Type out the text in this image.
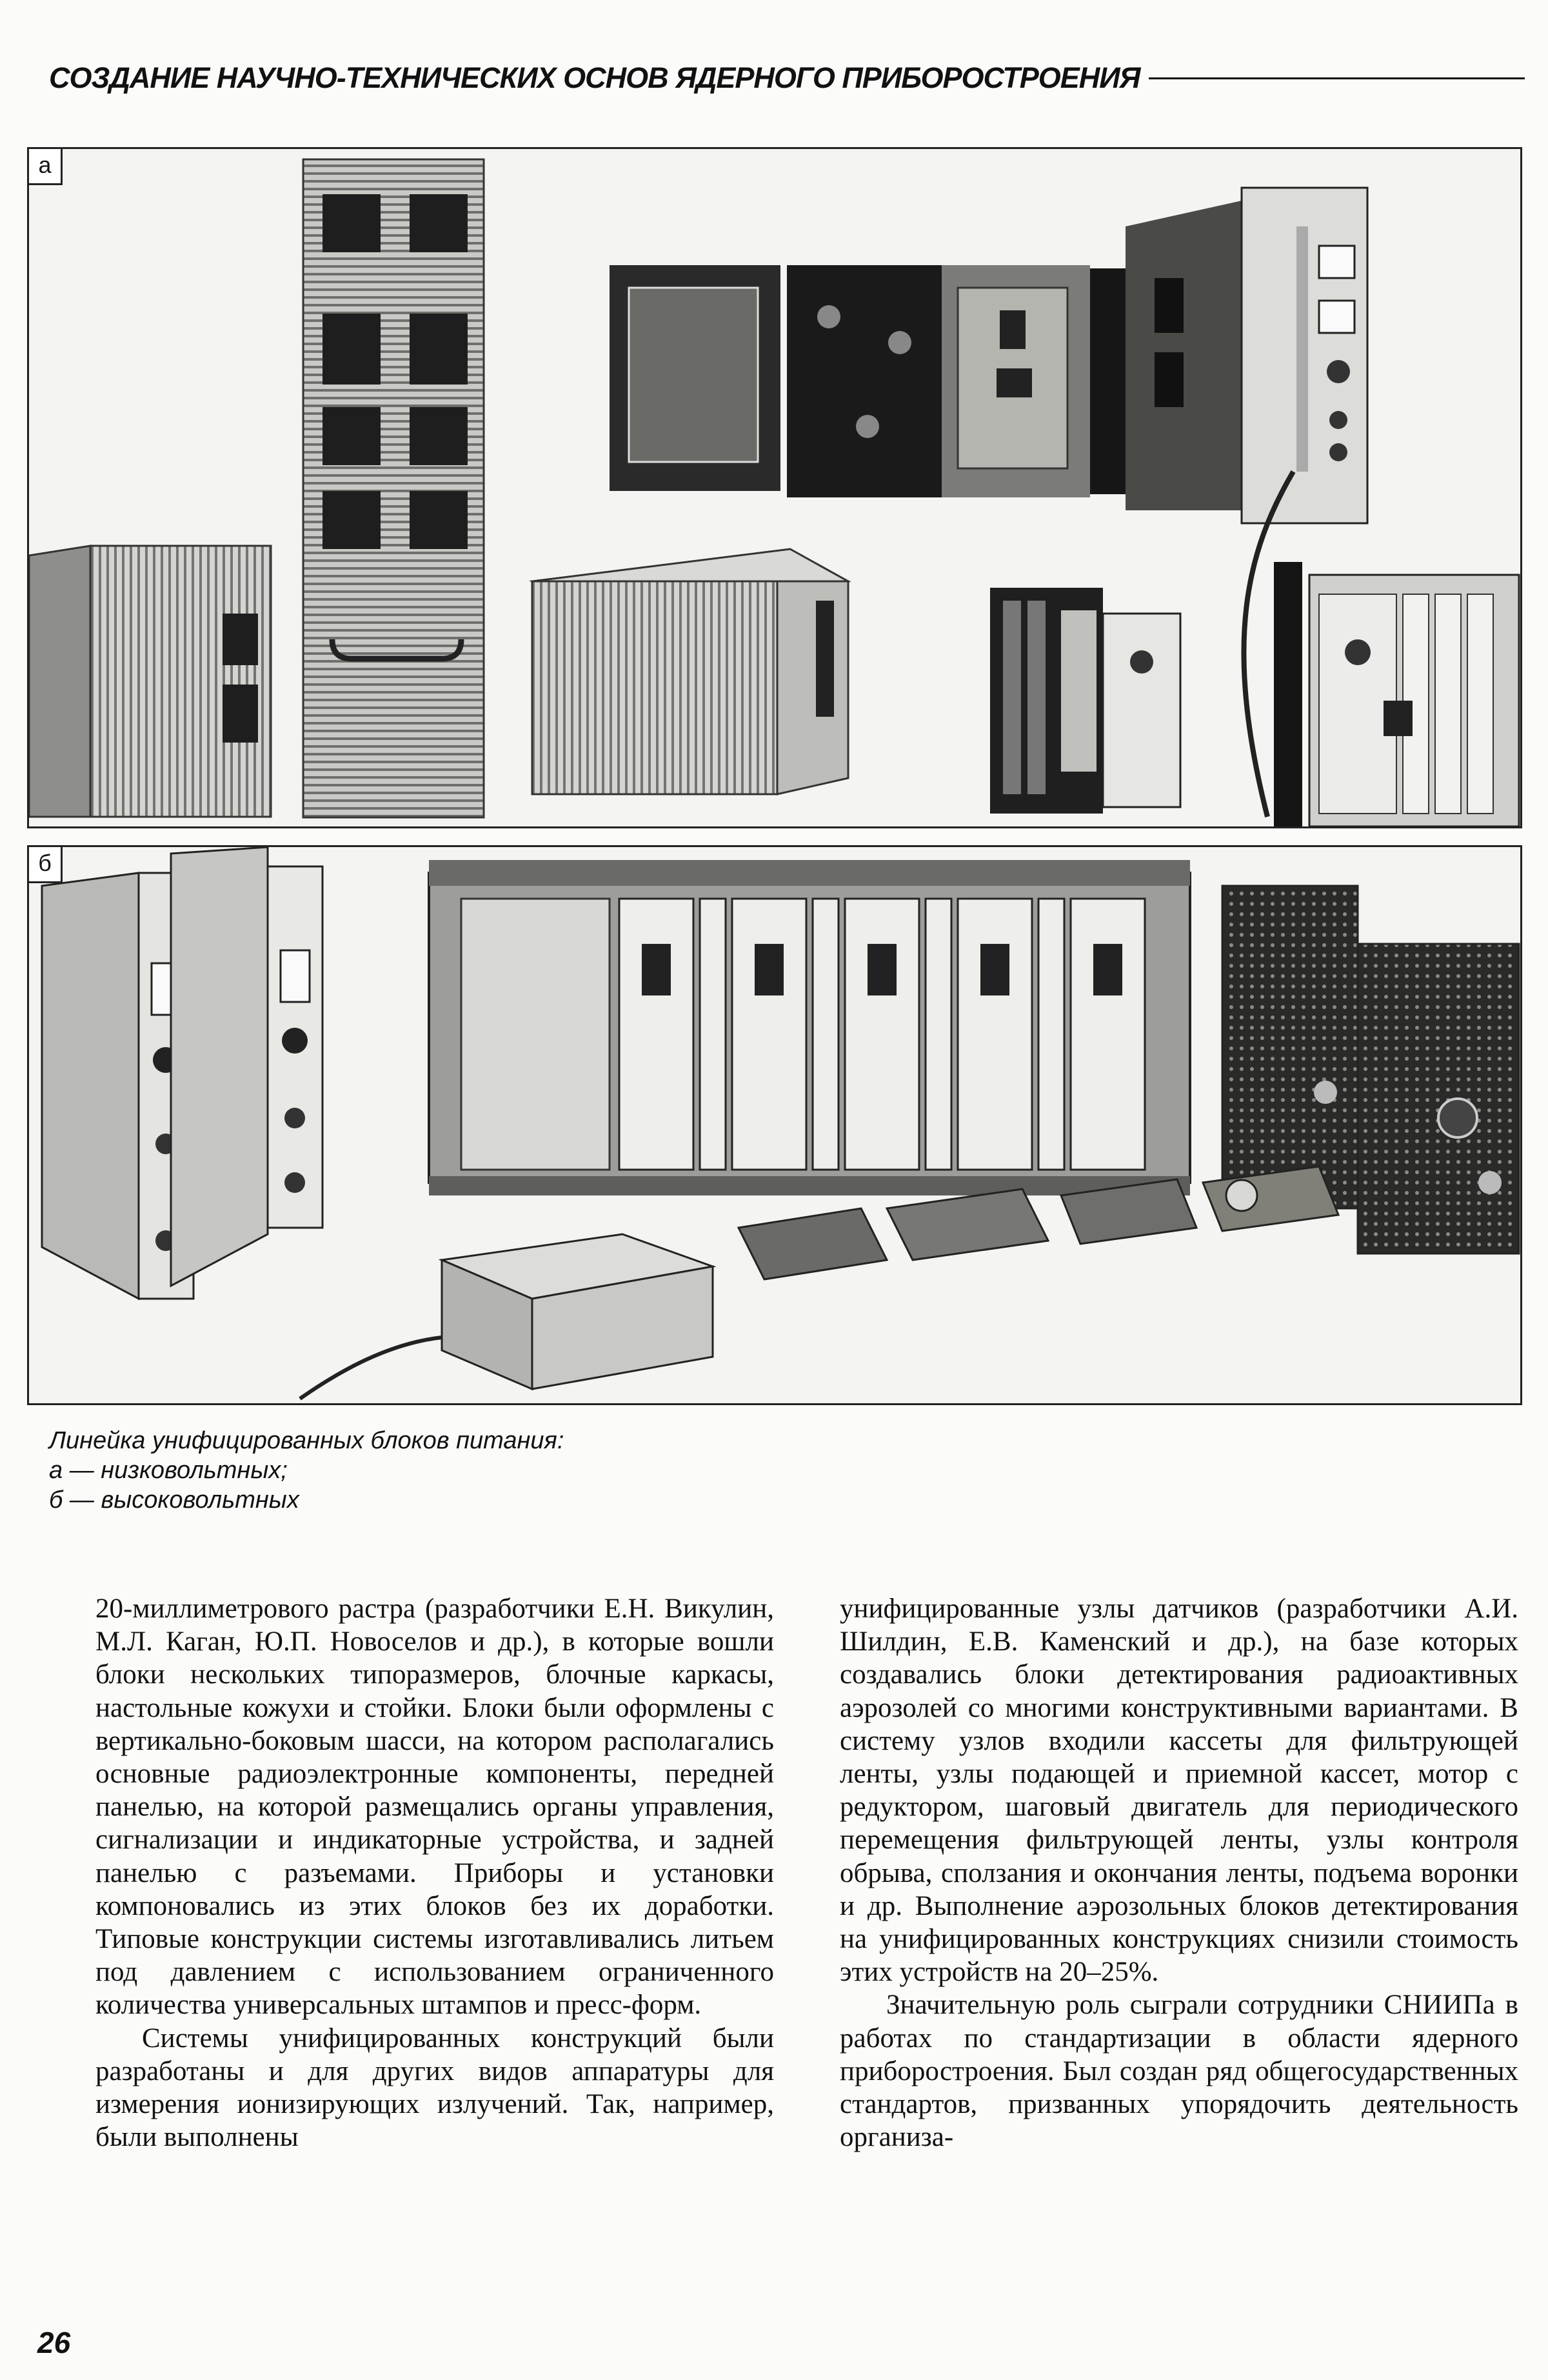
СОЗДАНИЕ НАУЧНО-ТЕХНИЧЕСКИХ ОСНОВ ЯДЕРНОГО ПРИБОРОСТРОЕНИЯ
а
б
Линейка унифицированных блоков питания:
а — низковольтных;
б — высоковольтных

20-миллиметрового растра (разработчики Е.Н. Викулин, М.Л. Каган, Ю.П. Новоселов и др.), в которые вошли блоки нескольких типоразмеров, блочные каркасы, настольные кожухи и стойки. Блоки были оформлены с вертикально-боковым шасси, на котором располагались основные радиоэлектронные компоненты, передней панелью, на которой размещались органы управления, сигнализации и индикаторные устройства, и задней панелью с разъемами. Приборы и установки компоновались из этих блоков без их доработки. Типовые конструкции системы изготавливались литьем под давлением с использованием ограниченного количества универсальных штампов и пресс-форм.

Системы унифицированных конструкций были разработаны и для других видов аппаратуры для измерения ионизирующих излучений. Так, например, были выполнены

унифицированные узлы датчиков (разработчики А.И. Шилдин, Е.В. Каменский и др.), на базе которых создавались блоки детектирования радиоактивных аэрозолей со многими конструктивными вариантами. В систему узлов входили кассеты для фильтрующей ленты, узлы подающей и приемной кассет, мотор с редуктором, шаговый двигатель для периодического перемещения фильтрующей ленты, узлы контроля обрыва, сползания и окончания ленты, подъема воронки и др. Выполнение аэрозольных блоков детектирования на унифицированных конструкциях снизили стоимость этих устройств на 20–25%.

Значительную роль сыграли сотрудники СНИИПа в работах по стандартизации в области ядерного приборостроения. Был создан ряд общегосударственных стандартов, призванных упорядочить деятельность организа-

26
